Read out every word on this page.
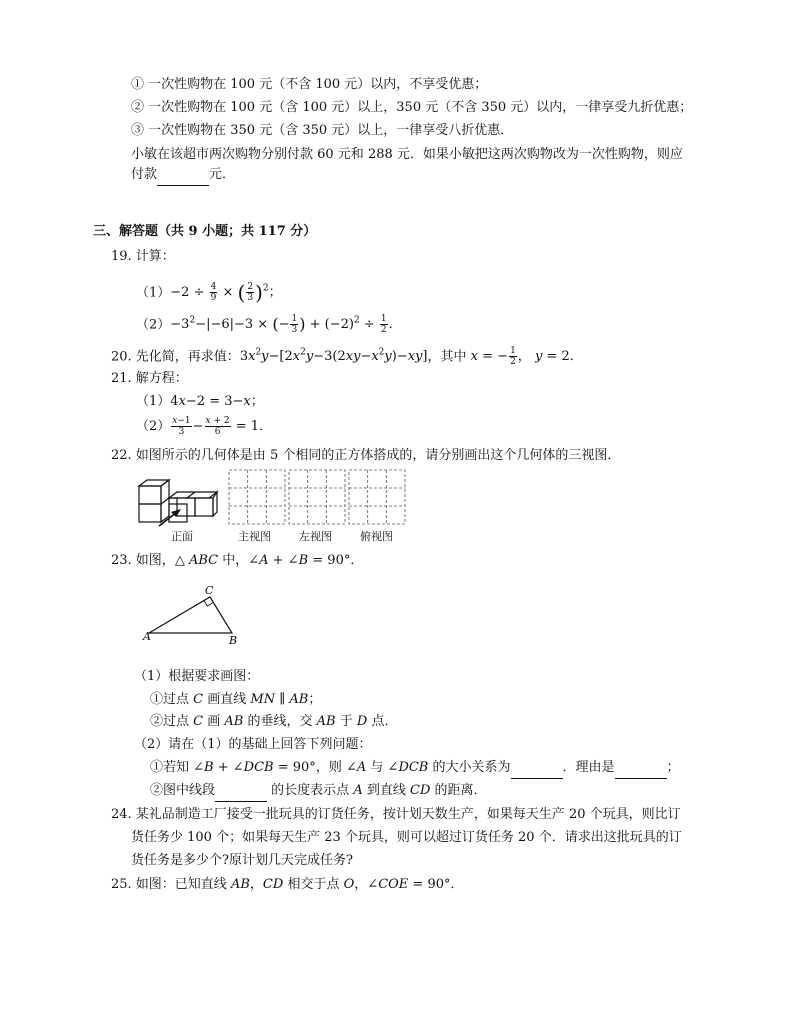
① 一次性购物在 100 元（不含 100 元）以内，不享受优惠；
② 一次性购物在 100 元（含 100 元）以上，350 元（不含 350 元）以内，一律享受九折优惠；
③ 一次性购物在 350 元（含 350 元）以上，一律享受八折优惠．
小敏在该超市两次购物分别付款 60 元和 288 元．如果小敏把这两次购物改为一次性购物，则应
付款	元．
三、解答题（共 9 小题；共 117 分）
19. 计算：
$(1)-2 \div \frac{4}{9}$ × ( $\frac{2}{3} )^2$；
$(2)-3^2-|-6|-3$ × (− $\frac{1}{3}$ ) + $(-2)^2 \div \frac{1}{2}$ ．
20. 先化简，再求值：$3x^2y-[2x^2y-3(2xy-x^2y)-xy]$，其中 x = − $\frac{1}{2}$ ， y = 2．
21. 解方程：
（1）4x−2 = 3−x；
$(2) \frac{x-1}{3} - \frac{x + 2}{6} = 1$．
22. 如图所示的几何体是由 5 个相同的正方体搭成的，请分别画出这个几何体的三视图．
正面	主视图	左视图	俯视图
23. 如图，△ ABC 中，∠A + ∠B = 90°．
C
A	B
（1）根据要求画图：
①过点 C 画直线 MN ∥ AB；
②过点 C 画 AB 的垂线，交 AB 于 D 点．
（2）请在（1）的基础上回答下列问题：
①若知 ∠B + ∠DCB = 90°，则 ∠A 与 ∠DCB 的大小关系为	．理由是	；
②图中线段	的长度表示点 A 到直线 CD 的距离．
24. 某礼品制造工厂接受一批玩具的订货任务，按计划天数生产，如果每天生产 20 个玩具，则比订
货任务少 100 个；如果每天生产 23 个玩具，则可以超过订货任务 20 个．请求出这批玩具的订
货任务是多少个?原计划几天完成任务?
25. 如图：已知直线 AB，CD 相交于点 O，∠COE = 90°．
